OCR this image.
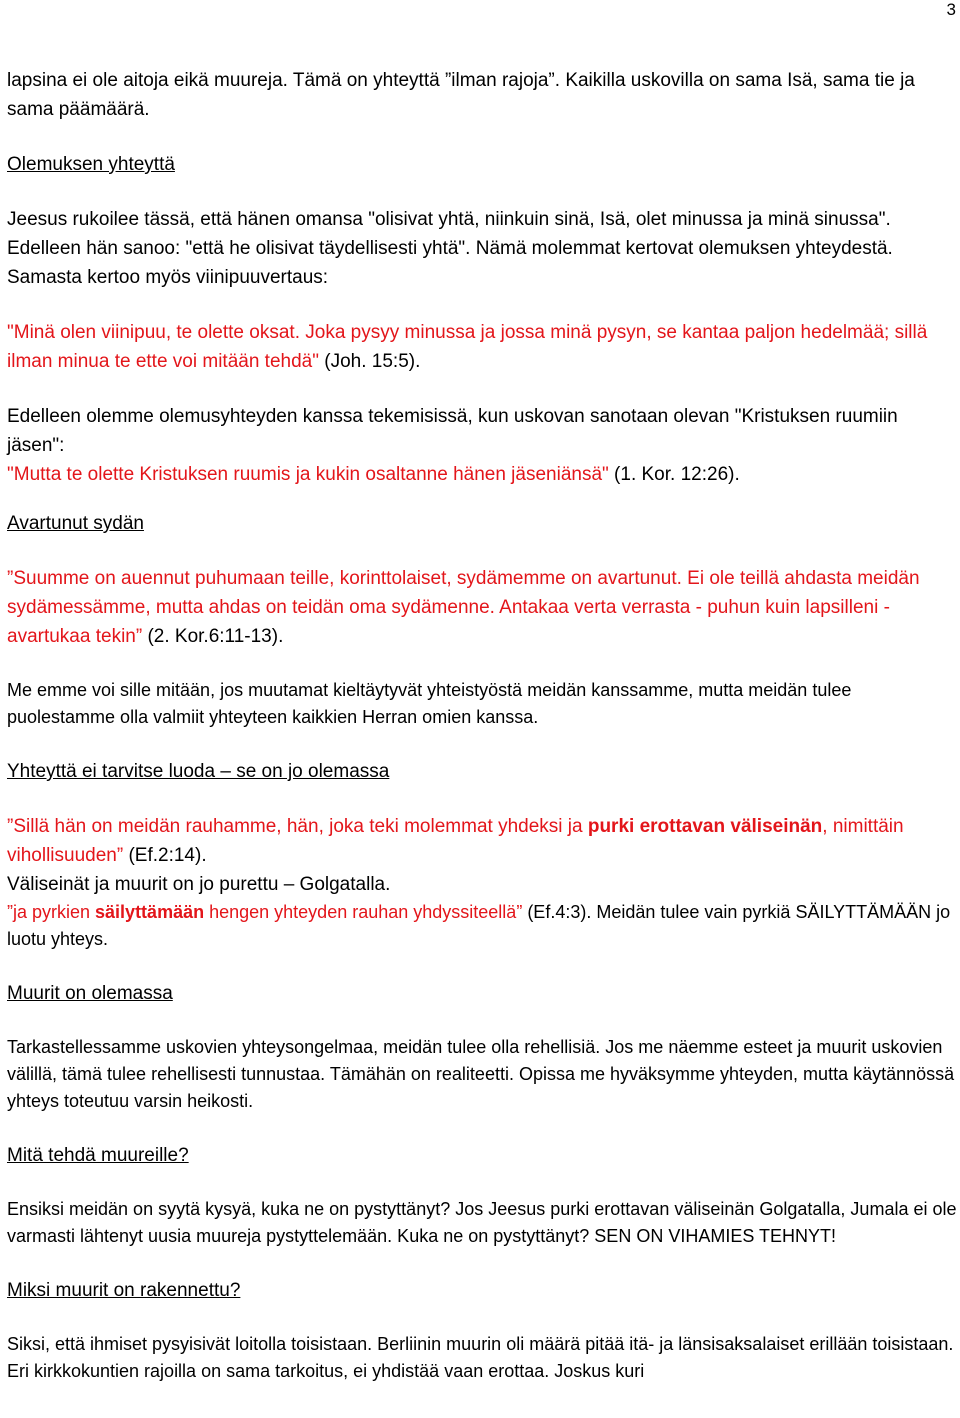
3

lapsina ei ole aitoja eikä muureja. Tämä on yhteyttä ”ilman rajoja”. Kaikilla uskovilla on sama Isä, sama tie ja sama päämäärä.

Olemuksen yhteyttä

Jeesus rukoilee tässä, että hänen omansa "olisivat yhtä, niinkuin sinä, Isä, olet minussa ja minä sinussa". Edelleen hän sanoo: "että he olisivat täydellisesti yhtä". Nämä molemmat kertovat olemuksen yhteydestä. Samasta kertoo myös viinipuuvertaus:

"Minä olen viinipuu, te olette oksat. Joka pysyy minussa ja jossa minä pysyn, se kantaa paljon hedelmää; sillä ilman minua te ette voi mitään tehdä" (Joh. 15:5).

Edelleen olemme olemusyhteyden kanssa tekemisissä, kun uskovan sanotaan olevan "Kristuksen ruumiin jäsen":

"Mutta te olette Kristuksen ruumis ja kukin osaltanne hänen jäseniänsä" (1. Kor. 12:26).

Avartunut sydän

”Suumme on auennut puhumaan teille, korinttolaiset, sydämemme on avartunut. Ei ole teillä ahdasta meidän sydämessämme, mutta ahdas on teidän oma sydämenne. Antakaa verta verrasta - puhun kuin lapsilleni - avartukaa tekin” (2. Kor.6:11-13).

Me emme voi sille mitään, jos muutamat kieltäytyvät yhteistyöstä meidän kanssamme, mutta meidän tulee puolestamme olla valmiit yhteyteen kaikkien Herran omien kanssa.

Yhteyttä ei tarvitse luoda – se on jo olemassa

”Sillä hän on meidän rauhamme, hän, joka teki molemmat yhdeksi ja purki erottavan väliseinän, nimittäin vihollisuuden” (Ef.2:14).

Väliseinät ja muurit on jo purettu – Golgatalla.

”ja pyrkien säilyttämään hengen yhteyden rauhan yhdyssiteellä” (Ef.4:3). Meidän tulee vain pyrkiä SÄILYTTÄMÄÄN jo luotu yhteys.

Muurit on olemassa

Tarkastellessamme uskovien yhteysongelmaa, meidän tulee olla rehellisiä. Jos me näemme esteet ja muurit uskovien välillä, tämä tulee rehellisesti tunnustaa. Tämähän on realiteetti. Opissa me hyväksymme yhteyden, mutta käytännössä yhteys toteutuu varsin heikosti.

Mitä tehdä muureille?

Ensiksi meidän on syytä kysyä, kuka ne on pystyttänyt? Jos Jeesus purki erottavan väliseinän Golgatalla, Jumala ei ole varmasti lähtenyt uusia muureja pystyttelemään. Kuka ne on pystyttänyt? SEN ON VIHAMIES TEHNYT!

Miksi muurit on rakennettu?

Siksi, että ihmiset pysyisivät loitolla toisistaan. Berliinin muurin oli määrä pitää itä- ja länsisaksalaiset erillään toisistaan. Eri kirkkokuntien rajoilla on sama tarkoitus, ei yhdistää vaan erottaa. Joskus kuri
